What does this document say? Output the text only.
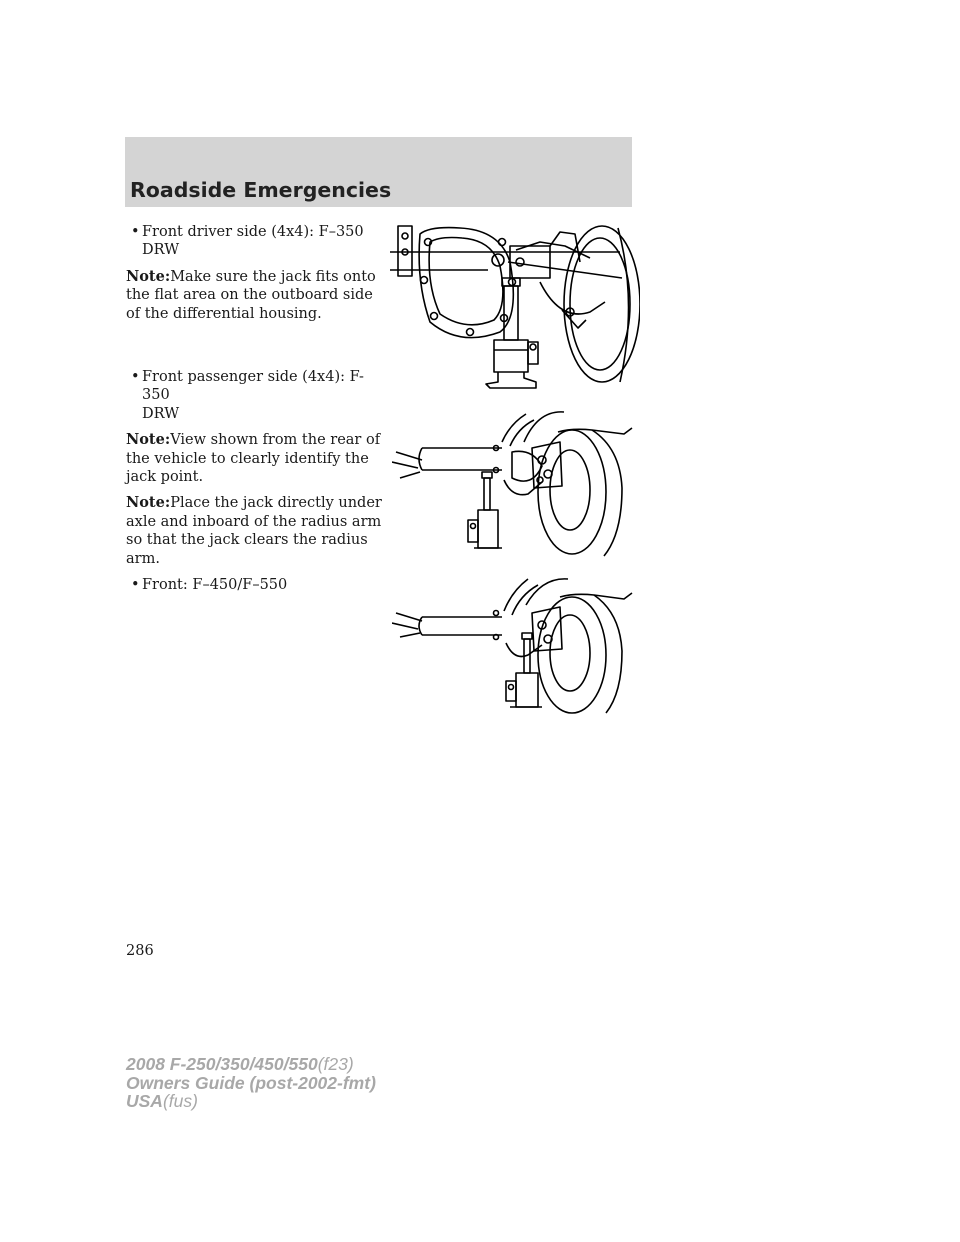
Roadside Emergencies

• Front driver side (4x4): F–350
DRW

Note:Make sure the jack fits onto the flat area on the outboard side of the differential housing.

• Front passenger side (4x4): F-350
DRW

Note:View shown from the rear of the vehicle to clearly identify the jack point.

Note:Place the jack directly under axle and inboard of the radius arm so that the jack clears the radius arm.

• Front: F–450/F–550

286
2008 F-250/350/450/550(f23)
Owners Guide (post-2002-fmt)
USA(fus)
